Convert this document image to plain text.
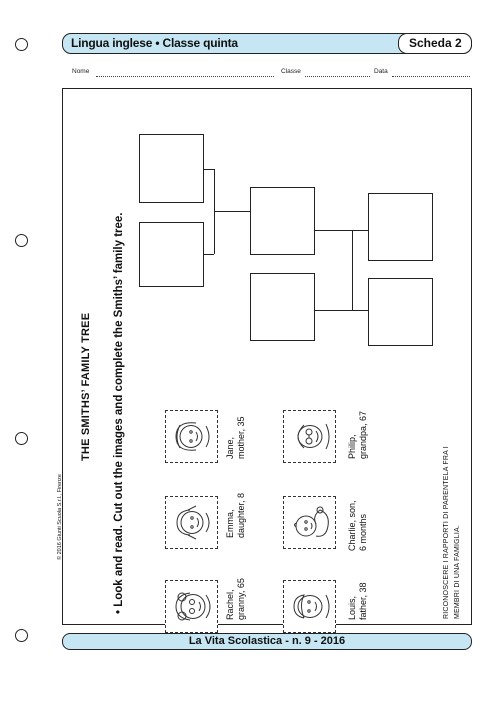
Lingua inglese • Classe quinta	Scheda 2
Nome	Classe	Data
THE SMITHS’ FAMILY TREE • Look and read. Cut out the images and complete the Smiths’ family tree.	Rachel, granny, 65
Emma, daughter, 8
Jane, mother, 35
Louis, father, 38
Charlie, son, 6 months
Philip, grandpa, 67
RICONOSCERE I RAPPORTI DI PARENTELA FRA I MEMBRI DI UNA FAMIGLIA.
© 2016 Giunti Scuola S.r.l., Firenze
La Vita Scolastica - n. 9 - 2016
